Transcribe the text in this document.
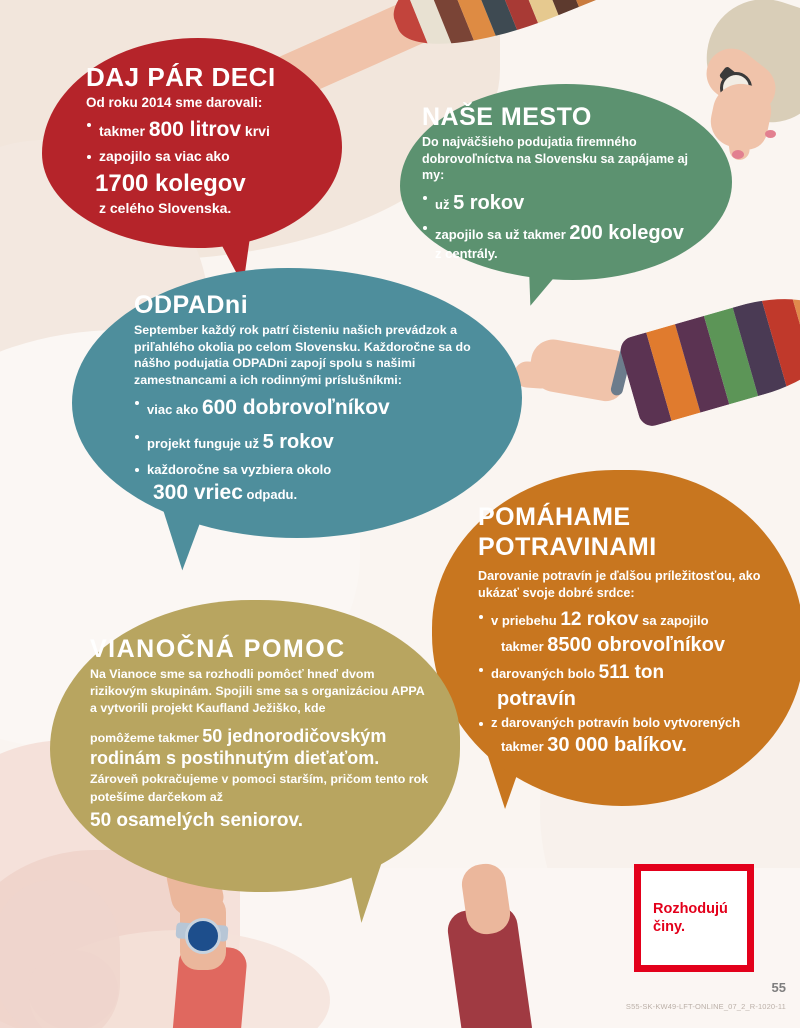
DAJ PÁR DECI
Od roku 2014 sme darovali:
takmer 800 litrov krvi
zapojilo sa viac ako
1700 kolegov
z celého Slovenska.
NAŠE MESTO
Do najväčšieho podujatia firemného dobrovoľníctva na Slovensku sa zapájame aj my:
už 5 rokov
zapojilo sa už takmer 200 kolegov
z centrály.
ODPADni
September každý rok patrí čisteniu našich prevádzok a priľahlého okolia po celom Slovensku. Každoročne sa do nášho podujatia ODPADni zapojí spolu s našimi zamestnancami a ich rodinnými príslušníkmi:
viac ako 600 dobrovoľníkov
projekt funguje už 5 rokov
každoročne sa vyzbiera okolo
300 vriec odpadu.
POMÁHAME
POTRAVINAMI
Darovanie potravín je ďalšou príležitosťou, ako ukázať svoje dobré srdce:
v priebehu 12 rokov sa zapojilo
takmer 8500 obrovoľníkov
darovaných bolo 511 ton
potravín
z darovaných potravín bolo vytvorených
takmer 30 000 balíkov.
VIANOČNÁ POMOC
Na Vianoce sme sa rozhodli pomôcť hneď dvom rizikovým skupinám. Spojili sme sa s organizáciou APPA a vytvorili projekt Kaufland Ježiško, kde
pomôžeme takmer 50 jednorodičovským rodinám s postihnutým dieťaťom.
Zároveň pokračujeme v pomoci starším, pričom tento rok potešíme darčekom až
50 osamelých seniorov.
Rozhodujú
činy.
55
S55-SK-KW49-LFT-ONLINE_07_2_R-1020-11
